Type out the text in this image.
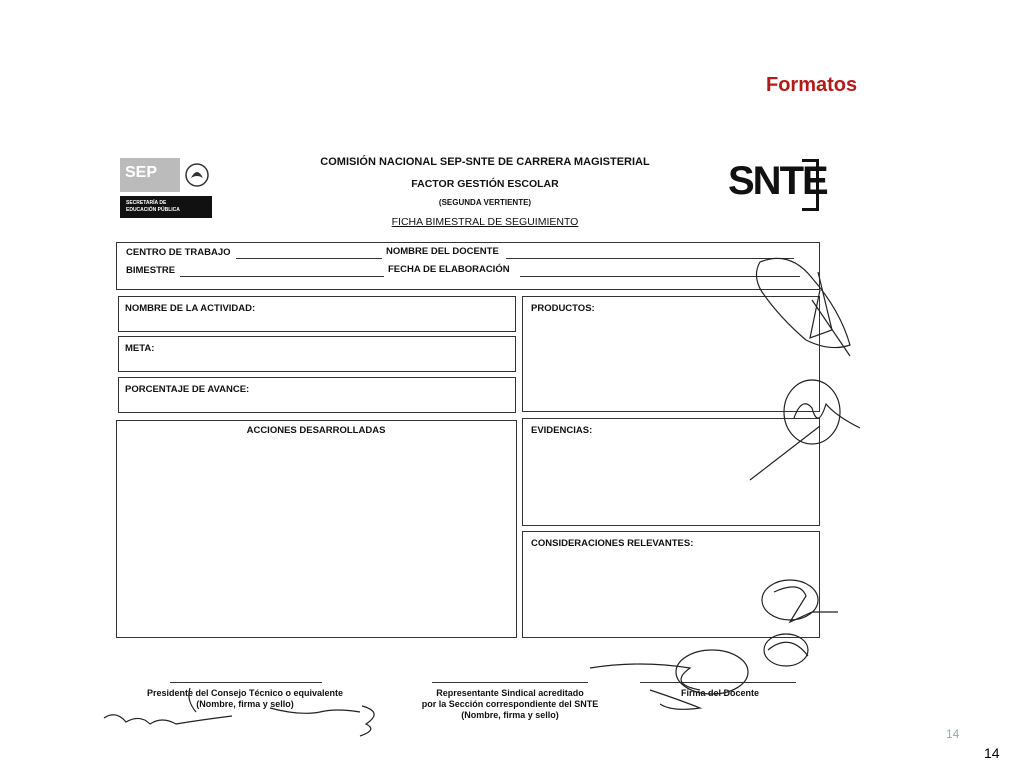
Formatos
SEP
SECRETARÍA DE
EDUCACIÓN PÚBLICA
COMISIÓN NACIONAL SEP-SNTE DE CARRERA MAGISTERIAL
FACTOR GESTIÓN ESCOLAR
(SEGUNDA VERTIENTE)
FICHA BIMESTRAL DE SEGUIMIENTO
SNTE
CENTRO DE TRABAJO	NOMBRE DEL DOCENTE
BIMESTRE	FECHA DE ELABORACIÓN
NOMBRE DE LA ACTIVIDAD:
META:
PORCENTAJE DE AVANCE:
ACCIONES DESARROLLADAS
PRODUCTOS:
EVIDENCIAS:
CONSIDERACIONES RELEVANTES:
Presidente del Consejo Técnico o equivalente
(Nombre, firma y sello)
Representante Sindical acreditado
por la Sección correspondiente del SNTE
(Nombre, firma y sello)
Firma del Docente
14
14
